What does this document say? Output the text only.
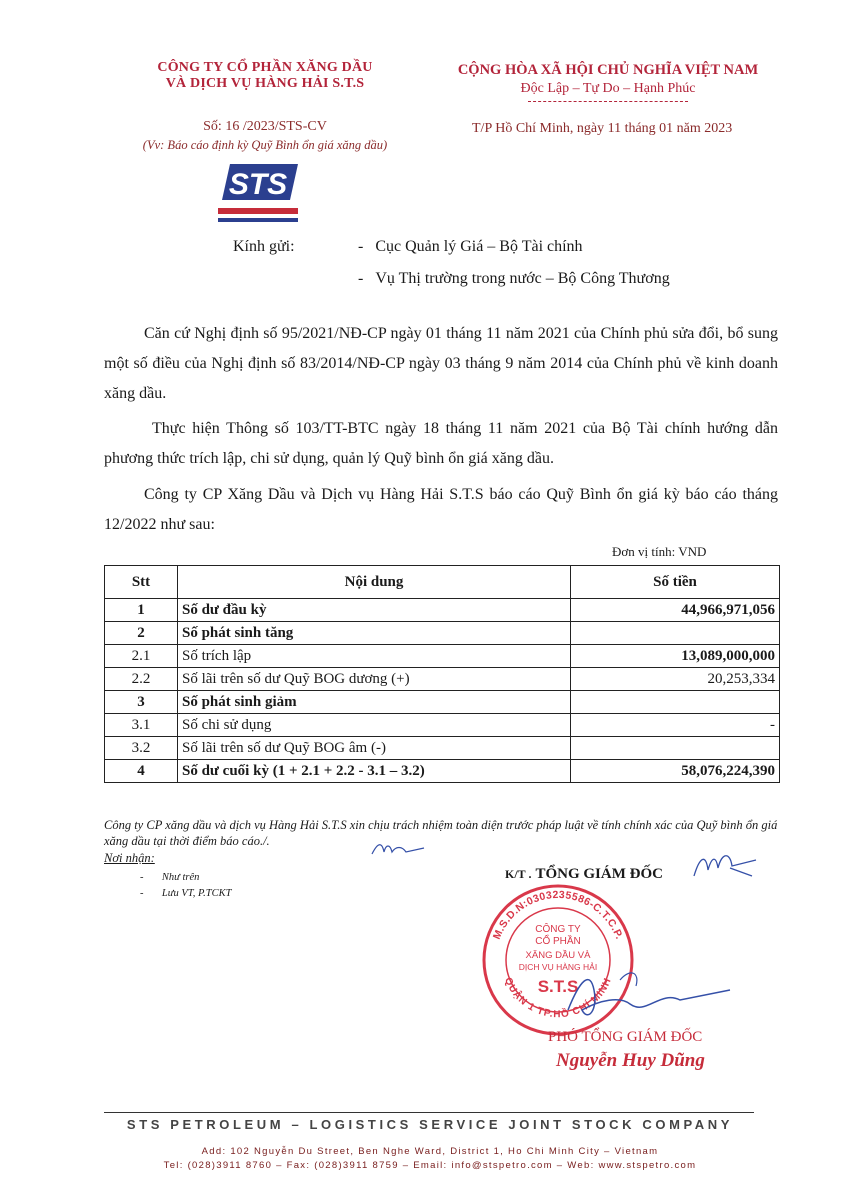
CÔNG TY CỔ PHẦN XĂNG DẦU
VÀ DỊCH VỤ HÀNG HẢI S.T.S
CỘNG HÒA XÃ HỘI CHỦ NGHĨA VIỆT NAM
Độc Lập – Tự Do – Hạnh Phúc
Số: 16 /2023/STS-CV
(Vv: Báo cáo định kỳ Quỹ Bình ổn giá xăng dầu)
T/P Hồ Chí Minh, ngày 11 tháng 01 năm 2023
STS
Kính gửi:	-   Cục Quản lý Giá – Bộ Tài chính
-   Vụ Thị trường trong nước – Bộ Công Thương
Căn cứ Nghị định số 95/2021/NĐ-CP ngày 01 tháng 11 năm 2021 của Chính phủ sửa đổi, bổ sung một số điều của Nghị định số 83/2014/NĐ-CP ngày 03 tháng 9 năm 2014 của Chính phủ về kinh doanh xăng dầu.
Thực hiện Thông số 103/TT-BTC ngày 18 tháng 11 năm 2021 của Bộ Tài chính hướng dẫn phương thức trích lập, chi sử dụng, quản lý Quỹ bình ổn giá xăng dầu.
Công ty CP Xăng Dầu và Dịch vụ Hàng Hải S.T.S báo cáo Quỹ Bình ổn giá kỳ báo cáo tháng 12/2022 như sau:
Đơn vị tính: VND
Stt	Nội dung	Số tiền
1	Số dư đầu kỳ	44,966,971,056
2	Số phát sinh tăng	
2.1	Số trích lập	13,089,000,000
2.2	Số lãi trên số dư Quỹ BOG dương (+)	20,253,334
3	Số phát sinh giảm	
3.1	Số chi sử dụng	-
3.2	Số lãi trên số dư Quỹ BOG âm (-)	
4	Số dư cuối kỳ (1 + 2.1 + 2.2 - 3.1 – 3.2)	58,076,224,390
Công ty CP xăng dầu và dịch vụ Hàng Hải S.T.S xin chịu trách nhiệm toàn diện trước pháp luật về tính chính xác của Quỹ bình ổn giá xăng dầu tại thời điểm báo cáo./.
Nơi nhận:
-       Như trên
-       Lưu VT, P.TCKT
K/T . TỔNG GIÁM ĐỐC
M.S.D.N:0303235586-C.T.C.P.
QUẬN 1 TP.HỒ CHÍ MINH
CÔNG TY
CỔ PHẦN
XĂNG DẦU VÀ
DỊCH VỤ HÀNG HẢI
S.T.S
PHÓ TỔNG GIÁM ĐỐC
Nguyễn Huy Dũng
STS PETROLEUM – LOGISTICS SERVICE JOINT STOCK COMPANY
Add: 102 Nguyễn Du Street, Ben Nghe Ward, District 1, Ho Chi Minh City – Vietnam
Tel: (028)3911 8760 – Fax: (028)3911 8759 – Email: info@stspetro.com – Web: www.stspetro.com
